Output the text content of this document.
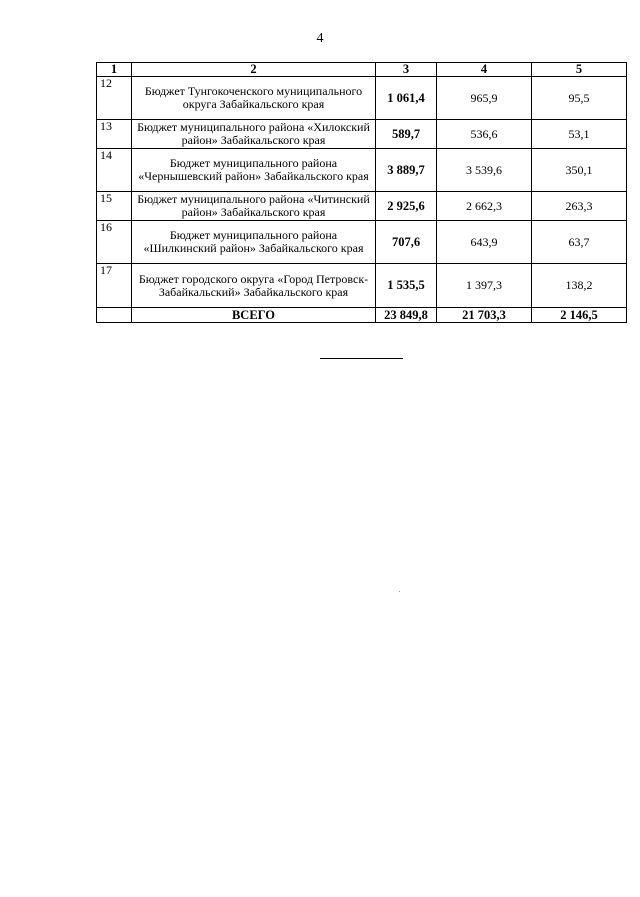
4
1	2	3	4	5
12	Бюджет Тунгокоченского муниципального округа Забайкальского края	1 061,4	965,9	95,5
13	Бюджет муниципального района «Хилокский район» Забайкальского края	589,7	536,6	53,1
14	Бюджет муниципального района «Чернышевский район» Забайкальского края	3 889,7	3 539,6	350,1
15	Бюджет муниципального района «Читинский район» Забайкальского края	2 925,6	2 662,3	263,3
16	Бюджет муниципального района «Шилкинский район» Забайкальского края	707,6	643,9	63,7
17	Бюджет городского округа «Город Петровск-Забайкальский» Забайкальского края	1 535,5	1 397,3	138,2
	ВСЕГО	23 849,8	21 703,3	2 146,5
